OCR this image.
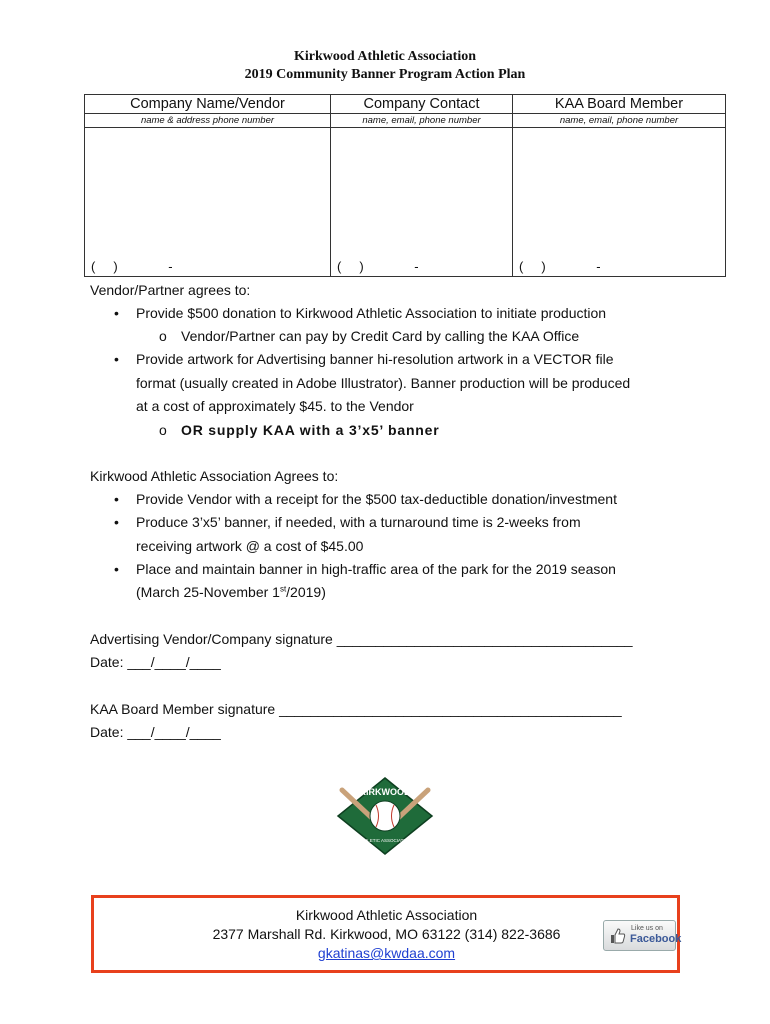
Kirkwood Athletic Association
2019 Community Banner Program Action Plan
Company Name/Vendor	Company Contact	KAA Board Member
name & address phone number	name, email, phone number	name, email, phone number

(     )              -	(     )              -	(     )              -
Vendor/Partner agrees to:
• Provide $500 donation to Kirkwood Athletic Association to initiate production
o Vendor/Partner can pay by Credit Card by calling the KAA Office
• Provide artwork for Advertising banner hi-resolution artwork in a VECTOR file
format (usually created in Adobe Illustrator). Banner production will be produced
at a cost of approximately $45. to the Vendor
o OR supply KAA with a 3’x5’ banner
Kirkwood Athletic Association Agrees to:
• Provide Vendor with a receipt for the $500 tax-deductible donation/investment
• Produce 3’x5’ banner, if needed, with a turnaround time is 2-weeks from
receiving artwork @ a cost of $45.00
• Place and maintain banner in high-traffic area of the park for the 2019 season
(March 25-November 1st/2019)
Advertising Vendor/Company signature ______________________________________
Date: ___/____/____
KAA Board Member signature ____________________________________________
Date: ___/____/____
KIRKWOOD
ATHLETIC ASSOCIATION
Kirkwood Athletic Association
2377 Marshall Rd. Kirkwood, MO 63122 (314) 822-3686
gkatinas@kwdaa.com
Like us on
Facebook
